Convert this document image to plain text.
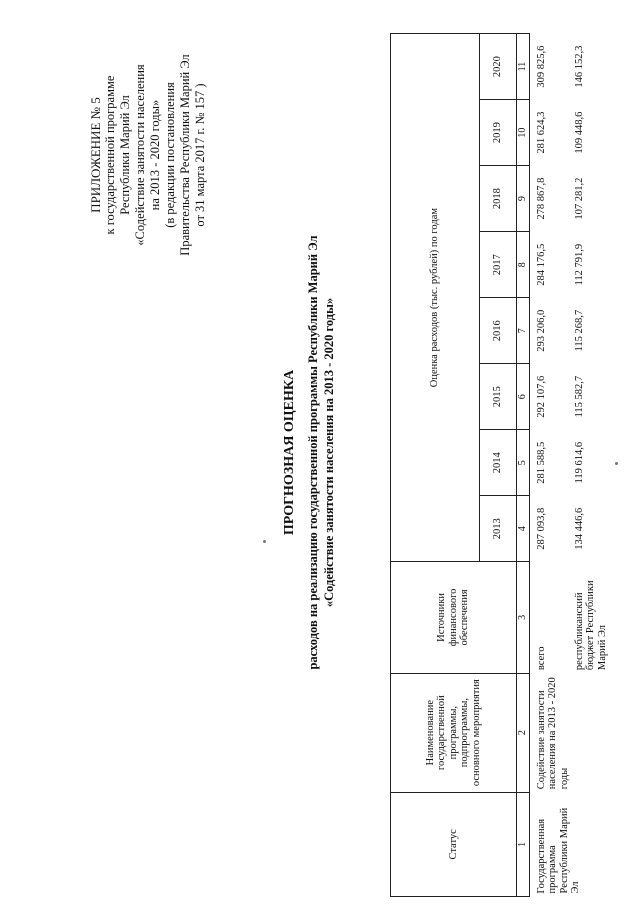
ПРИЛОЖЕНИЕ № 5 к государственной программе Республики Марий Эл «Содействие занятости населения на 2013 - 2020 годы» (в редакции постановления Правительства Республики Марий Эл от 31 марта 2017 г. № 157 )
ПРОГНОЗНАЯ ОЦЕНКА расходов на реализацию государственной программы Республики Марий Эл «Содействие занятости населения на 2013 - 2020 годы»
Статус	Наименование государственной программы, подпрограммы, основного мероприятия	Источники финансового обеспечения	Оценка расходов (тыс. рублей) по годам							
			2013	2014	2015	2016	2017	2018	2019	2020
1	2	3	4	5	6	7	8	9	10	11
Государственная программа Республики Марий Эл	Содействие занятости населения на 2013 - 2020 годы	всего	287 093,8	281 588,5	292 107,6	293 206,0	284 176,5	278 867,8	281 624,3	309 825,6
		республиканский бюджет Республики Марий Эл	134 446,6	119 614,6	115 582,7	115 268,7	112 791,9	107 281,2	109 448,6	146 152,3
